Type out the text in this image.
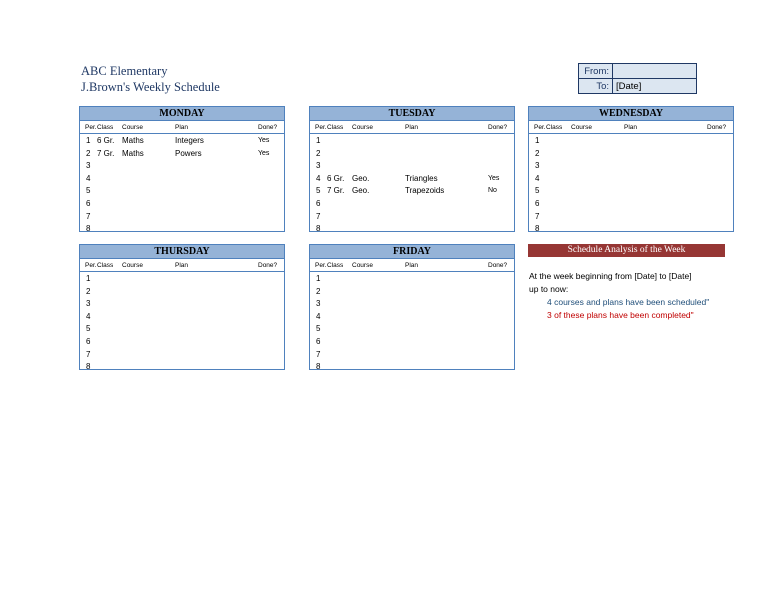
ABC Elementary
J.Brown's Weekly Schedule
From:	
To:	[Date]
MONDAY
Per. Class Course	Plan	Done?
1 6 Gr. Maths	Integers	Yes
2 7 Gr. Maths	Powers	Yes
3
4
5
6
7
8
TUESDAY
Per. Class Course	Plan	Done?
1
2
3
4 6 Gr. Geo.	Triangles	Yes
5 7 Gr. Geo.	Trapezoids	No
6
7
8
WEDNESDAY
Per. Class Course	Plan	Done?
1
2
3
4
5
6
7
8
THURSDAY
Per. Class Course	Plan	Done?
1
2
3
4
5
6
7
8
FRIDAY
Per. Class Course	Plan	Done?
1
2
3
4
5
6
7
8
Schedule Analysis of the Week
At the week beginning from [Date] to [Date]
up to now:
4 courses and plans have been scheduled"
3 of these plans have been completed"
